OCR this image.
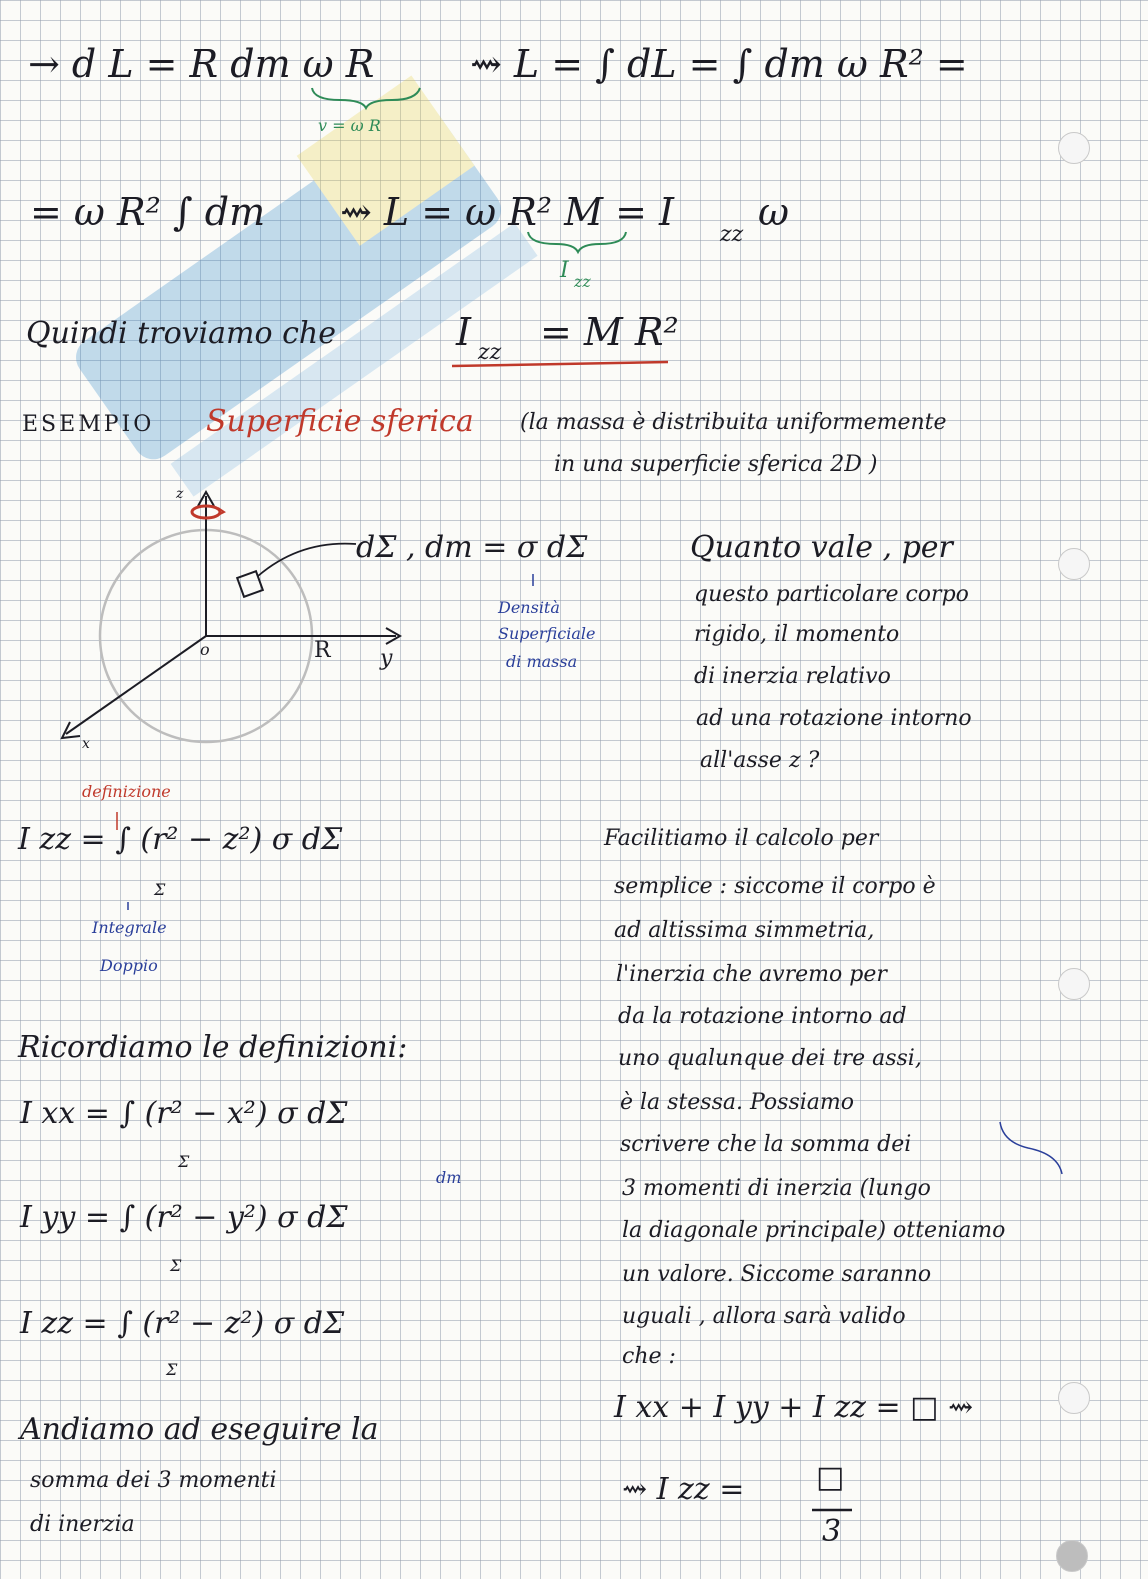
→ d L = R dm ω R
v = ω R
⇝ L = ∫ dL = ∫ dm ω R² =
= ω R² ∫ dm ⇝ L = ω R² M = I
zz
ω
I zz
Quindi troviamo che	I zz = M R²
ESEMPIO Superficie sferica (la massa è distribuita uniformemente
in una superficie sferica 2D )
z
y
x
o	R
dΣ , dm = σ dΣ
Densità
Superficiale
di massa
Quanto vale , per
questo particolare corpo
rigido, il momento
di inerzia relativo
ad una rotazione intorno
all'asse z ?
Facilitiamo il calcolo per
semplice : siccome il corpo è
ad altissima simmetria,
l'inerzia che avremo per
da la rotazione intorno ad
uno qualunque dei tre assi,
è la stessa. Possiamo
scrivere che la somma dei
3 momenti di inerzia (lungo
la diagonale principale) otteniamo
un valore. Siccome saranno
uguali , allora sarà valido
che :
I xx + I yy + I zz = □ ⇝
⇝ I zz = □
3
definizione
I zz = ∫ (r² − z²) σ dΣ
Σ
Integrale
Doppio
Ricordiamo le definizioni:
I xx = ∫ (r² − x²) σ dΣ
Σ
dm
I yy = ∫ (r² − y²) σ dΣ
Σ
I zz = ∫ (r² − z²) σ dΣ
Σ
Andiamo ad eseguire la
somma dei 3 momenti
di inerzia
